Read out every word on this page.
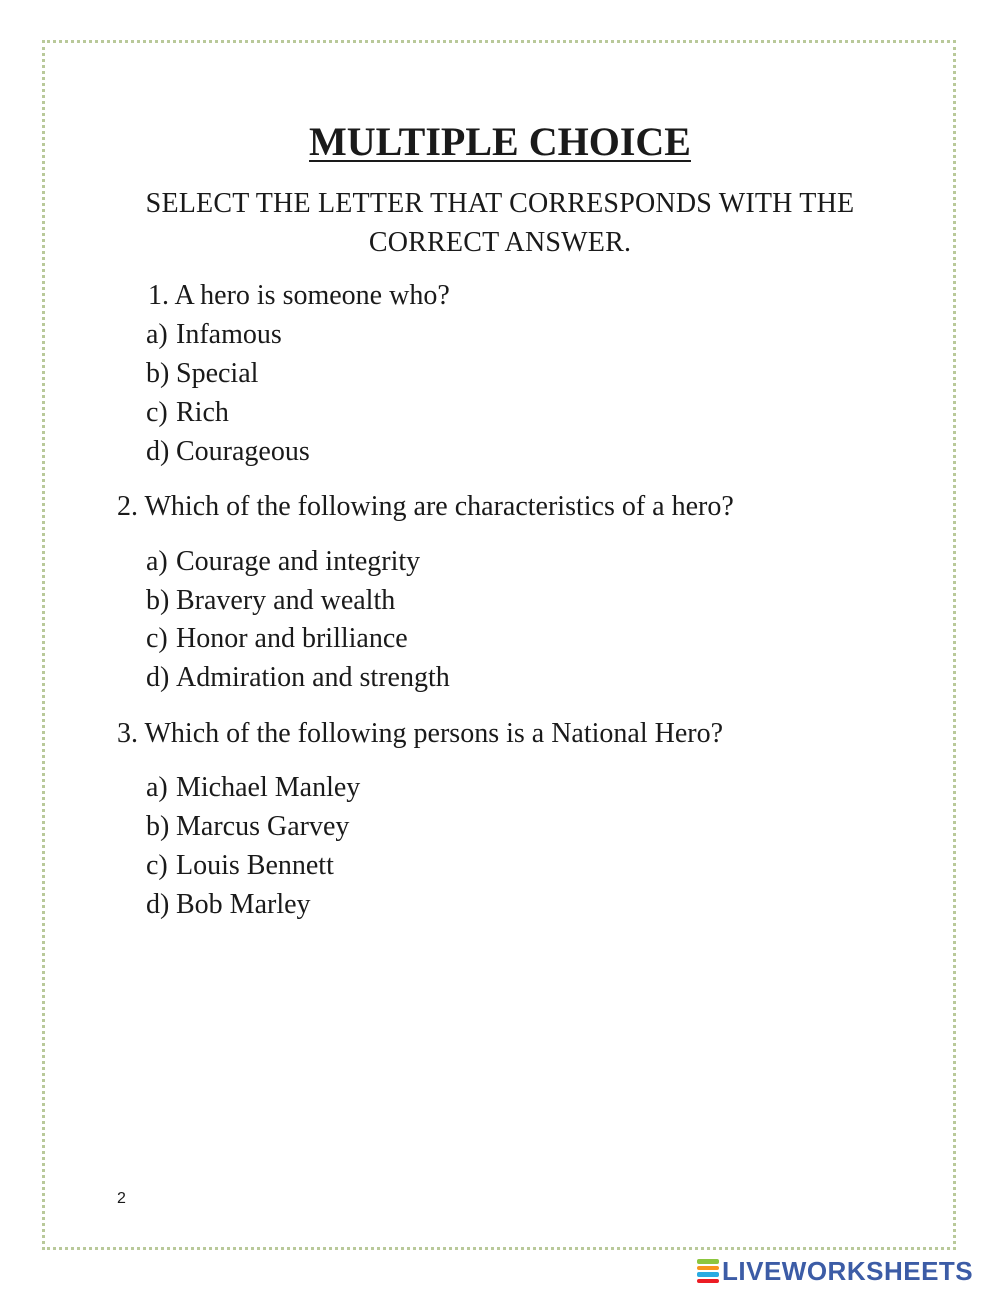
MULTIPLE CHOICE
SELECT THE LETTER THAT CORRESPONDS WITH THE CORRECT ANSWER.
1. A hero is someone who?
a) Infamous
b) Special
c) Rich
d) Courageous
2. Which of the following are characteristics of a hero?
a) Courage and integrity
b) Bravery and wealth
c) Honor and brilliance
d) Admiration and strength
3. Which of the following persons is a National Hero?
a) Michael Manley
b) Marcus Garvey
c) Louis Bennett
d) Bob Marley
2
LIVEWORKSHEETS
